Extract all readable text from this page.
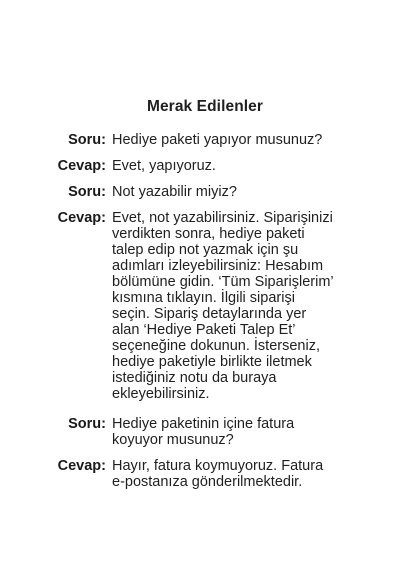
Merak Edilenler
Soru: Hediye paketi yapıyor musunuz?
Cevap: Evet, yapıyoruz.
Soru: Not yazabilir miyiz?
Cevap: Evet, not yazabilirsiniz. Siparişinizi
verdikten sonra, hediye paketi
talep edip not yazmak için şu
adımları izleyebilirsiniz: Hesabım
bölümüne gidin. ‘Tüm Siparişlerim’
kısmına tıklayın. İlgili siparişi
seçin. Sipariş detaylarında yer
alan ‘Hediye Paketi Talep Et’
seçeneğine dokunun. İsterseniz,
hediye paketiyle birlikte iletmek
istediğiniz notu da buraya
ekleyebilirsiniz.
Soru: Hediye paketinin içine fatura
koyuyor musunuz?
Cevap: Hayır, fatura koymuyoruz. Fatura
e-postanıza gönderilmektedir.
